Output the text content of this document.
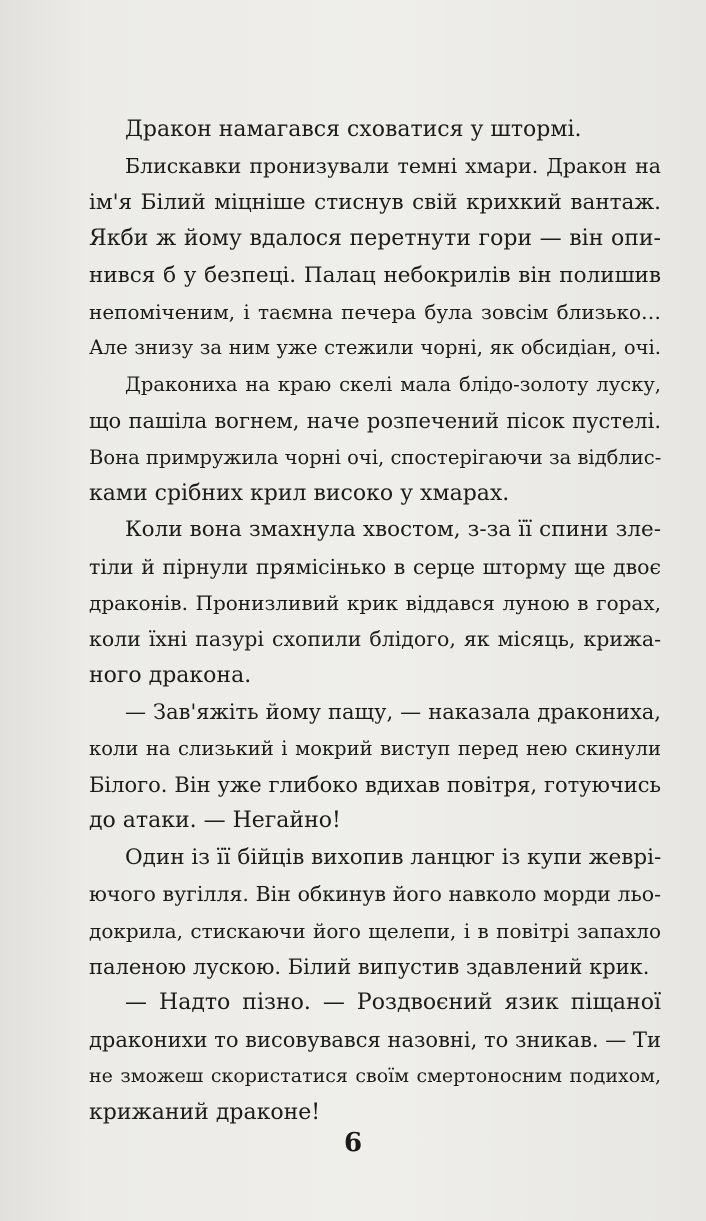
Дракон намагався сховатися у штормі.
Блискавки пронизували темні хмари. Дракон на
ім'я Білий міцніше стиснув свій крихкий вантаж.
Якби ж йому вдалося перетнути гори — він опи-
нився б у безпеці. Палац небокрилів він полишив
непоміченим, і таємна печера була зовсім близько…
Але знизу за ним уже стежили чорні, як обсидіан, очі.
Дракониха на краю скелі мала блідо-золоту луску,
що пашіла вогнем, наче розпечений пісок пустелі.
Вона примружила чорні очі, спостерігаючи за відблис-
ками срібних крил високо у хмарах.
Коли вона змахнула хвостом, з-за її спини зле-
тіли й пірнули прямісінько в серце шторму ще двоє
драконів. Пронизливий крик віддався луною в горах,
коли їхні пазурі схопили блідого, як місяць, крижа-
ного дракона.
— Зав'яжіть йому пащу, — наказала дракониха,
коли на слизький і мокрий виступ перед нею скинули
Білого. Він уже глибоко вдихав повітря, готуючись
до атаки. — Негайно!
Один із її бійців вихопив ланцюг із купи жеврі-
ючого вугілля. Він обкинув його навколо морди льо-
докрила, стискаючи його щелепи, і в повітрі запахло
паленою лускою. Білий випустив здавлений крик.
— Надто пізно. — Роздвоєний язик піщаної
дракониxи то висовувався назовні, то зникав. — Ти
не зможеш скористатися своїм смертоносним подихом,
крижаний драконе!
6
